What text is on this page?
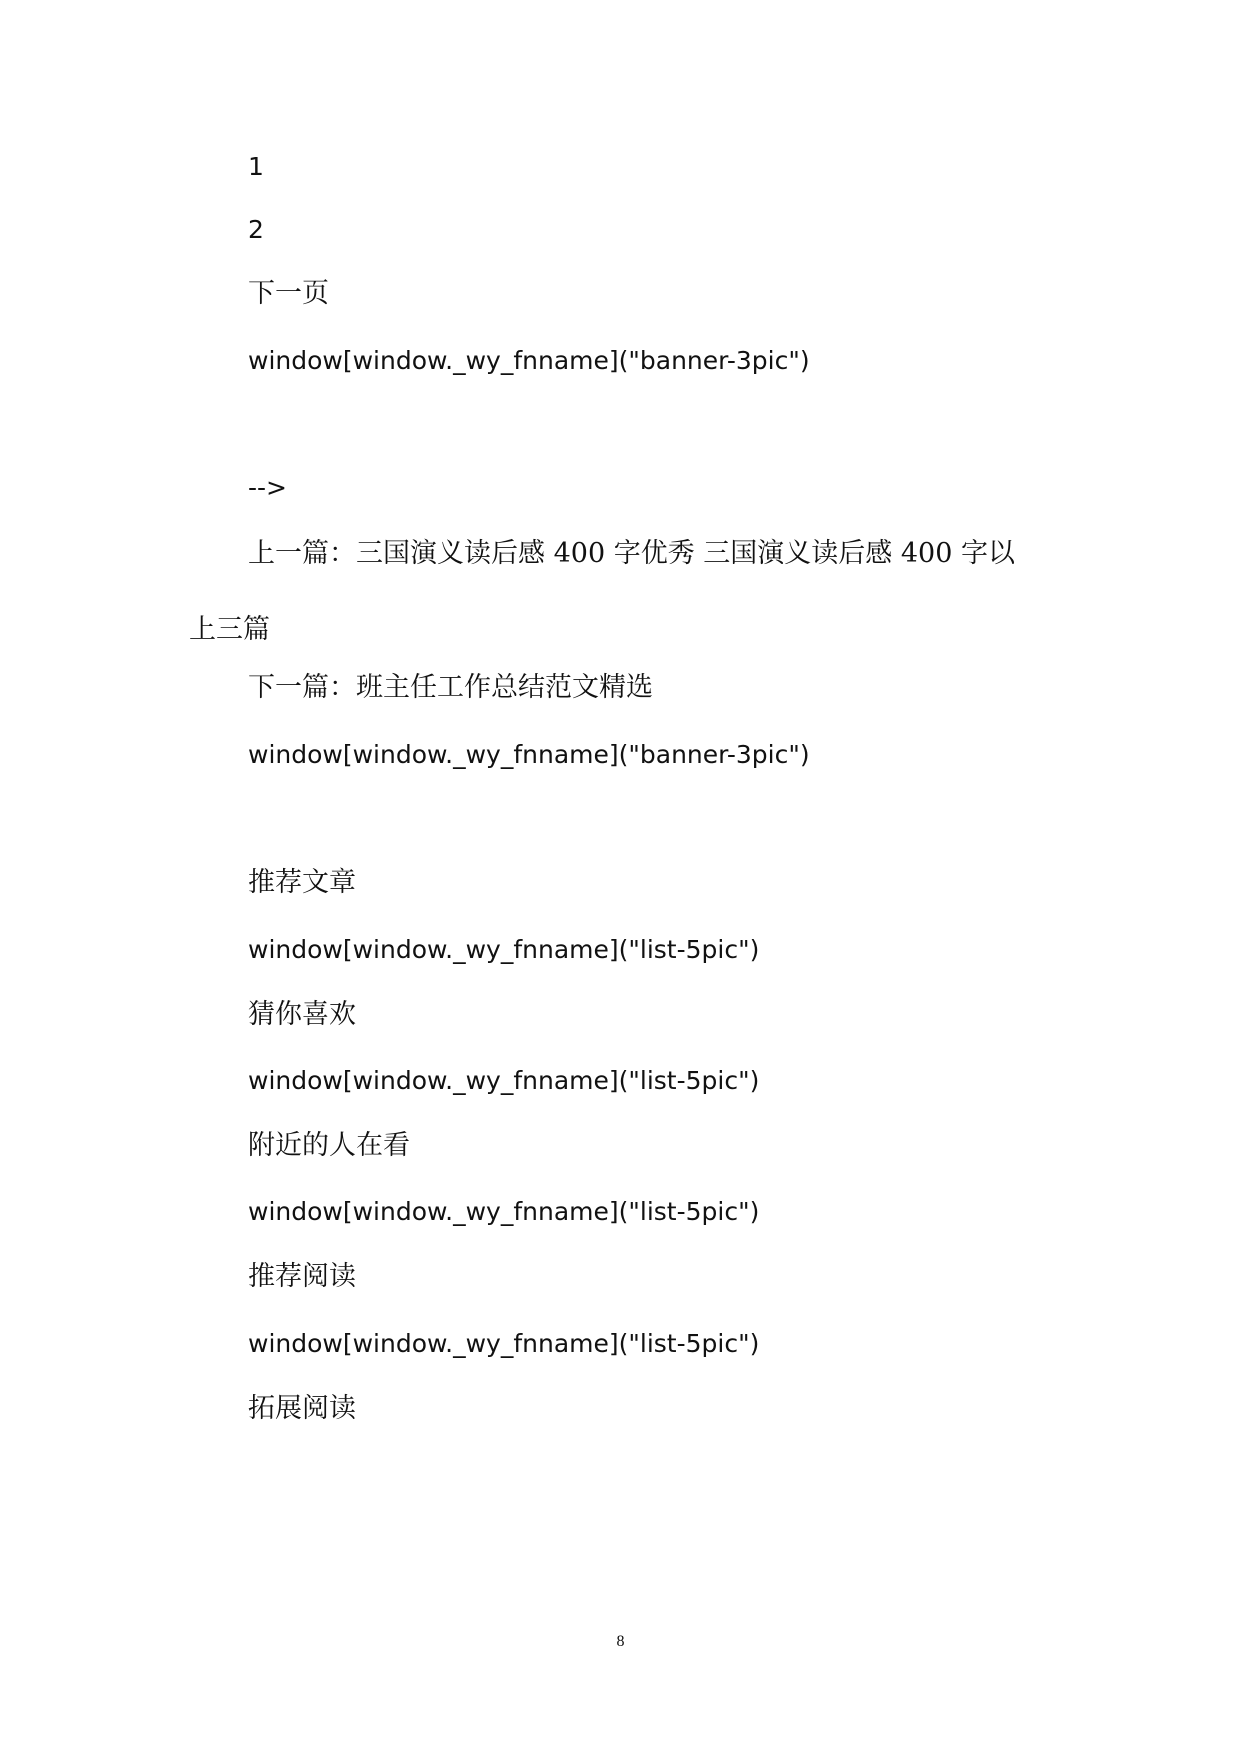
1
2
下一页
window[window._wy_fnname]("banner-3pic")
-->
上一篇：三国演义读后感 400 字优秀 三国演义读后感 400 字以
上三篇
下一篇：班主任工作总结范文精选
window[window._wy_fnname]("banner-3pic")
推荐文章
window[window._wy_fnname]("list-5pic")
猜你喜欢
window[window._wy_fnname]("list-5pic")
附近的人在看
window[window._wy_fnname]("list-5pic")
推荐阅读
window[window._wy_fnname]("list-5pic")
拓展阅读
8
